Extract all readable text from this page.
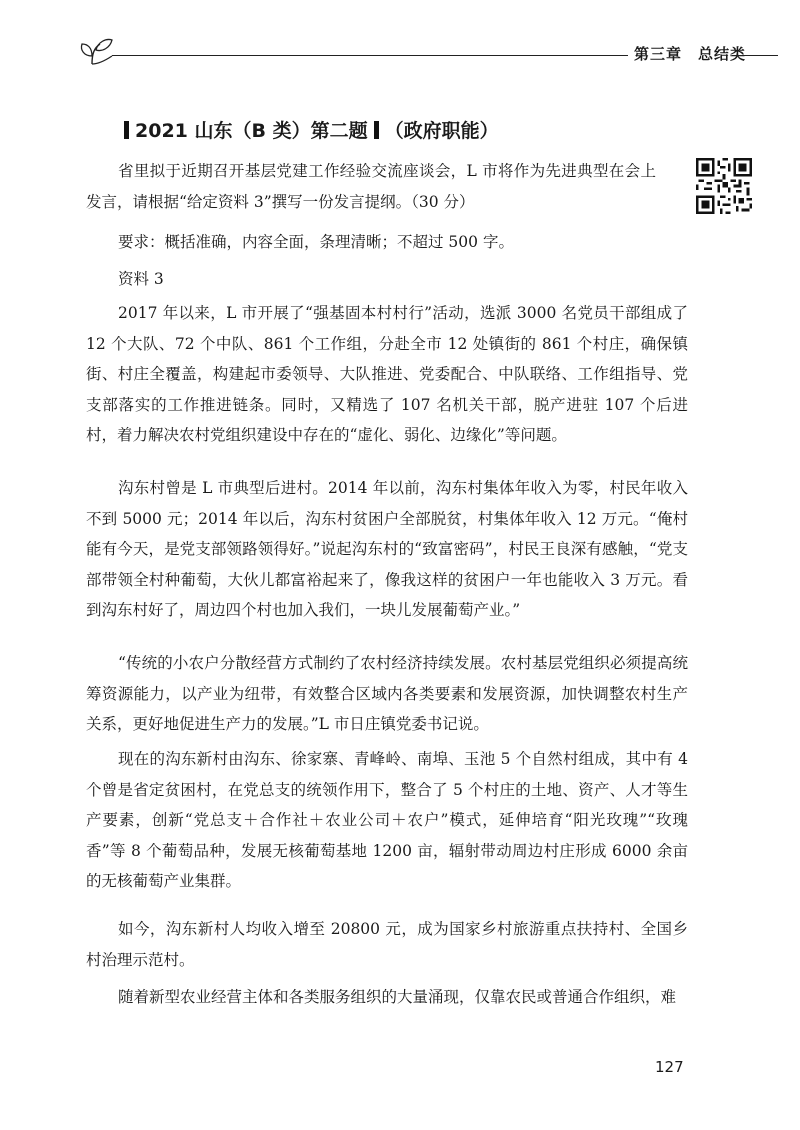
第三章　总结类
2021 山东（B 类）第二题 （政府职能）
省里拟于近期召开基层党建工作经验交流座谈会，L 市将作为先进典型在会上发言，请根据“给定资料 3”撰写一份发言提纲。（30 分）
要求：概括准确，内容全面，条理清晰；不超过 500 字。
资料 3
2017 年以来，L 市开展了“强基固本村村行”活动，选派 3000 名党员干部组成了 12 个大队、72 个中队、861 个工作组，分赴全市 12 处镇街的 861 个村庄，确保镇街、村庄全覆盖，构建起市委领导、大队推进、党委配合、中队联络、工作组指导、党支部落实的工作推进链条。同时，又精选了 107 名机关干部，脱产进驻 107 个后进村，着力解决农村党组织建设中存在的“虚化、弱化、边缘化”等问题。
沟东村曾是 L 市典型后进村。2014 年以前，沟东村集体年收入为零，村民年收入不到 5000 元；2014 年以后，沟东村贫困户全部脱贫，村集体年收入 12 万元。“俺村能有今天，是党支部领路领得好。”说起沟东村的“致富密码”，村民王良深有感触，“党支部带领全村种葡萄，大伙儿都富裕起来了，像我这样的贫困户一年也能收入 3 万元。看到沟东村好了，周边四个村也加入我们，一块儿发展葡萄产业。”
“传统的小农户分散经营方式制约了农村经济持续发展。农村基层党组织必须提高统筹资源能力，以产业为纽带，有效整合区域内各类要素和发展资源，加快调整农村生产关系，更好地促进生产力的发展。”L 市日庄镇党委书记说。
现在的沟东新村由沟东、徐家寨、青峰岭、南埠、玉池 5 个自然村组成，其中有 4 个曾是省定贫困村，在党总支的统领作用下，整合了 5 个村庄的土地、资产、人才等生产要素，创新“党总支＋合作社＋农业公司＋农户”模式，延伸培育“阳光玫瑰”“玫瑰香”等 8 个葡萄品种，发展无核葡萄基地 1200 亩，辐射带动周边村庄形成 6000 余亩的无核葡萄产业集群。
如今，沟东新村人均收入增至 20800 元，成为国家乡村旅游重点扶持村、全国乡村治理示范村。
随着新型农业经营主体和各类服务组织的大量涌现，仅靠农民或普通合作组织，难
127
